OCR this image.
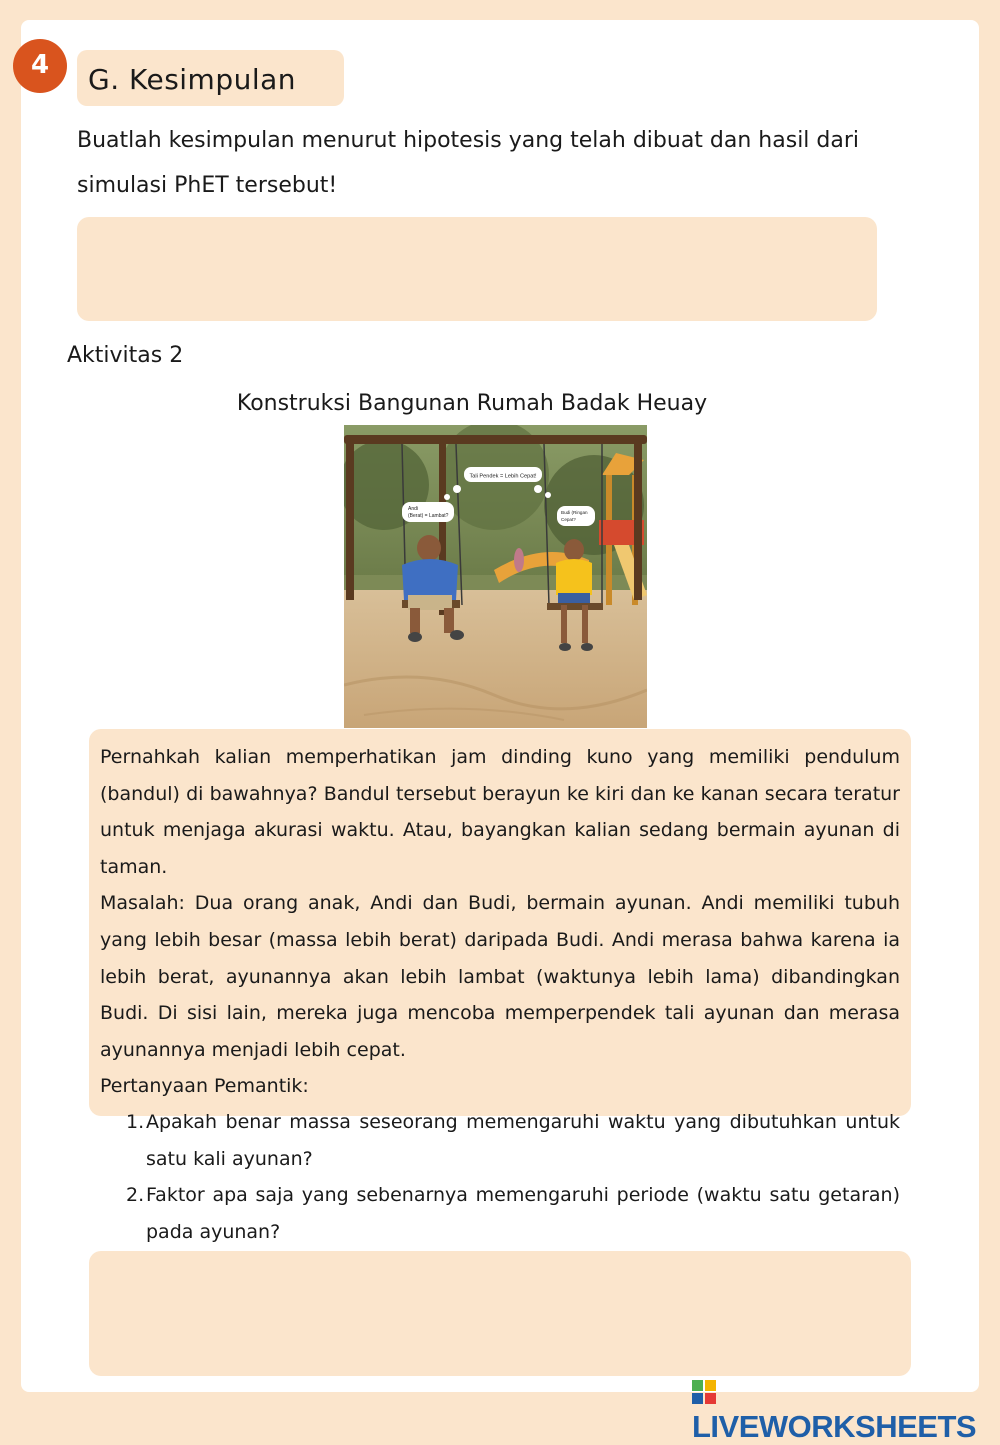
4	G. Kesimpulan
Buatlah kesimpulan menurut hipotesis yang telah dibuat dan hasil dari simulasi PhET tersebut!
Aktivitas 2
Konstruksi Bangunan Rumah Badak Heuay
Tali Pendek = Lebih Cepat!
Andi
(Berat) = Lambat?
Budi (Ringan
Cepat?

Pernahkah kalian memperhatikan jam dinding kuno yang memiliki pendulum (bandul) di bawahnya? Bandul tersebut berayun ke kiri dan ke kanan secara teratur untuk menjaga akurasi waktu. Atau, bayangkan kalian sedang bermain ayunan di taman.

Masalah: Dua orang anak, Andi dan Budi, bermain ayunan. Andi memiliki tubuh yang lebih besar (massa lebih berat) daripada Budi. Andi merasa bahwa karena ia lebih berat, ayunannya akan lebih lambat (waktunya lebih lama) dibandingkan Budi. Di sisi lain, mereka juga mencoba memperpendek tali ayunan dan merasa ayunannya menjadi lebih cepat.

Pertanyaan Pemantik:

1. Apakah benar massa seseorang memengaruhi waktu yang dibutuhkan untuk satu kali ayunan?
2. Faktor apa saja yang sebenarnya memengaruhi periode (waktu satu getaran) pada ayunan?
LIVEWORKSHEETS
